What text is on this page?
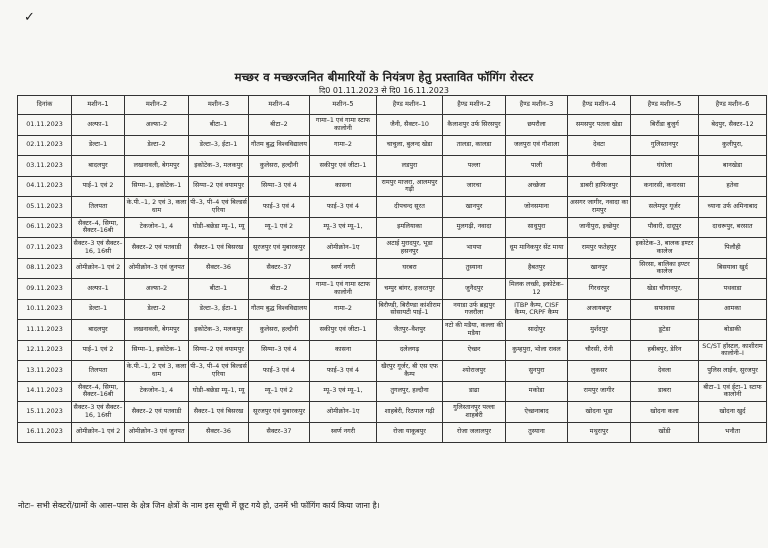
✓
मच्छर व मच्छरजनित बीमारियों के नियंत्रण हेतु प्रस्तावित फॉगिंग रोस्टर
दि0 01.11.2023 से दि0 16.11.2023
दिनांक	मशीन–1	मशीन–2	मशीन–3	मशीन–4	मशीन–5	हैण्ड मशीन–1	हैण्ड मशीन–2	हैण्ड मशीन–3	हैण्ड मशीन–4	हैण्ड मशीन–5	हैण्ड मशीन–6
01.11.2023	अल्फा–1	अल्फा–2	बीटा–1	बीटा–2	गामा–1 एवं गामा स्टाफ कालोनी	जैनी, सैक्टर–10	कैलाशपुर उर्फ सिरसपुर	छपरौला	समसपुर पतला खेडा	बिरौंडा बुजुर्ग	बेदपुर, सैक्टर–12
02.11.2023	डेल्टा–1	डेल्टा–2	डेल्टा–3, ईटा–1	गौतम बुद्ध विश्वविद्यालय	गामा–2	चाचुला, बुलन्द खेडा	तालडा, कालडा	जलपुरा एवं गौशाला	देवटा	गुलिस्तानपुर	कुलीपुरा,
03.11.2023	बादलपुर	लखनावली, बेगमपुर	इकोटेक–3, मलकपुर	कुलेसरा, हल्दौनी	सकीपुर एवं जीटा–1	लडपुरा	पल्ला	पाली	रौनीजा	घंघोला	बानखेडा
04.11.2023	पाई–1 एवं 2	सिग्मा–1, इकोटेक–1	सिग्मा–2 एवं वयामपुर	सिग्मा–3 एवं 4	कासना	रामपुर माजरा, आलमपुर गढ़ी	जारचा	अच्छेजा	डाबरी हाफिजपुर	कनारसी, कनारसा	हतेवा
05.11.2023	तिलपता	के.पी.–1, 2 एवं 3, कला धाम	पी–3, पी–4 एवं बिल्डर्स एरिया	फाई–3 एवं 4	फाई–3 एवं 4	दीपचन्द सूरत	खानपुर	जोनसमाना	असगर जागीर, नवादा का रामपुर	सलेमपुर गूर्जर	च्याना उर्फ अमिनाबाद
06.11.2023	सैक्टर–4, सिग्मा, सैक्टर–16बी	टेकजोन–1, 4	घोडी–बछेडा म्यू–1, म्यू	म्यू–1 एवं 2	म्यू–3 एवं म्यू–1,	इमलियाका	मुलगढ़ी, नवादा	साधुपुरा	जानीपुरा, इच्छेपुर	पौवारी, दादूपुर	दाधरूपुर, बरसात
07.11.2023	सैक्टर–3 एवं सैक्टर–16, 16सी	सैक्टर–2 एवं पतवाडी	सैक्टर–1 एवं बिसरख	सूरजपुर एवं मुबारकपुर	ओमीक्रोन–1ए	अटाई मुरादपुर, भूडा हसनपुर	भायपा	धूम मानिकपुर सेंट माया	रामपुर फतेहपुर	इकोटेक–3, बालक इण्टर कालेज	पिलौही
08.11.2023	ओमीक्रोन–1 एवं 2	ओमीक्रोन–3 एवं जुनपत	सैक्टर–36	सैक्टर–37	स्वर्ण नगरी	घरबरा	तुस्याना	हैबतपुर	खानपुर	सिरसा, बालिका इण्टर कालेज	बिसयावा खुर्द
09.11.2023	अल्फा–1	अल्फा–2	बीटा–1	बीटा–2	गामा–1 एवं गामा स्टाफ कालोनी	चम्पुर बांगर, हजरतपुर	जुनैदपुर	मिलक लच्छी, इकोटेक–12	गिरधरपुर	खेडा चौगानपुर,	पथवाडा
10.11.2023	डेल्टा–1	डेल्टा–2	डेल्टा–3, ईटा–1	गौतम बुद्ध विश्वविद्यालय	गामा–2	बिरौण्डी, बिरौण्डा कांशीराम सोसायटी पाई–1	नयाडा उर्फ ब्रह्मपुर गजरौला	ITBP कैम्प, CISF कैम्प, CRPF कैम्प	अजायबपुर	सफावास	आमका
11.11.2023	बादलपुर	लखनावली, बेगमपुर	इकोटेक–3, मलकपुर	कुलेसरा, हल्दौनी	सकीपुर एवं जीटा–1	जैतपुर–वैशपुर	नटो की मडैया, कल्ला की मडैया	सादोपुर	मुर्शदपुर	डूटेडा	बोडाकी
12.11.2023	पाई–1 एवं 2	सिग्मा–1, इकोटेक–1	सिग्मा–2 एवं वयामपुर	सिग्मा–3 एवं 4	कासना	दलेलगढ़	ऐच्छर	कुम्हपुरा, भोला रावल	चौरसी, रोनी	हबीबपुर, डेरिन	SC/ST हॉस्टल, काशीराम कालोनी–I
13.11.2023	तिलपता	के.पी.–1, 2 एवं 3, कला धाम	पी–3, पी–4 एवं बिल्डर्स एरिया	फाई–3 एवं 4	फाई–3 एवं 4	खैरपुर गूर्जर, बी एस एफ कैम्प	श्योराजपुर	सुनपुरा	लुकसर	देवला	पुलिस लाईन, सुरजपुर
14.11.2023	सैक्टर–4, सिग्मा, सैक्टर–16बी	टेकजोन–1, 4	घोडी–बछेडा म्यू–1, म्यू	म्यू–1 एवं 2	म्यू–3 एवं म्यू–1,	तुगलपुर, हल्दौना	डाढा	मकोडा	रामपुर जागीर	डाबरा	बीटा–1 एवं ईटा–1 स्टाफ कालोनी
15.11.2023	सैक्टर–3 एवं सैक्टर–16, 16सी	सैक्टर–2 एवं पतवाडी	सैक्टर–1 एवं बिसरख	सूरजपुर एवं मुबारकपुर	ओमीक्रोन–1ए	शाहबेरी, रिठपाल गढ़ी	गुलिस्तानपुर पल्ला शाहबेरी	ऐच्छनाबाद	खोदना भूडा	खोदना कला	खोदना खुर्द
16.11.2023	ओमीक्रोन–1 एवं 2	ओमीक्रोन–3 एवं जुनपत	सैक्टर–36	सैक्टर–37	स्वर्ण नगरी	रोजा याकूबपुर	रोजा जलालपुर	तुस्याना	मथुरापुर	खोंडी	भनौता
नोटः– सभी सेक्टरों/ग्रामों के आस–पास के क्षेत्र जिन क्षेत्रों के नाम इस सूची में छूट गये हो, उनमें भी फॉगिंग कार्य किया जाना है।
